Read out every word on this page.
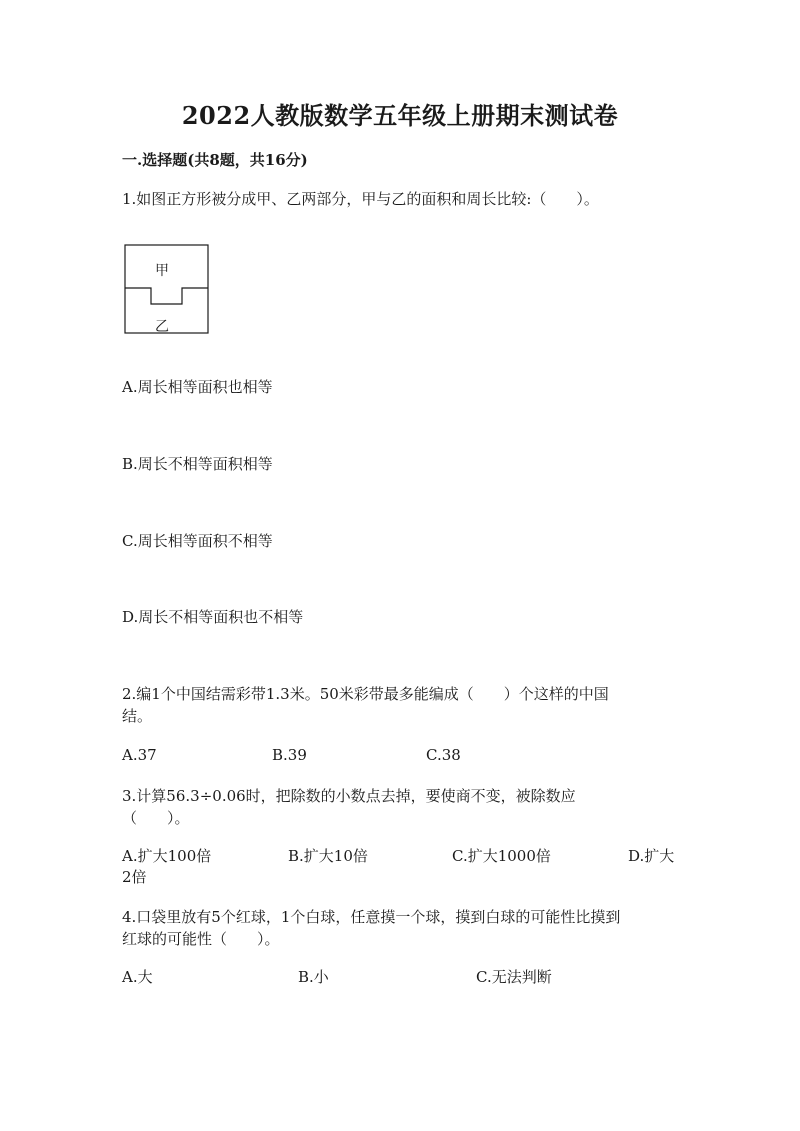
2022人教版数学五年级上册期末测试卷
一.选择题(共8题，共16分)
1.如图正方形被分成甲、乙两部分，甲与乙的面积和周长比较:（　　）。
甲
乙
A.周长相等面积也相等
B.周长不相等面积相等
C.周长相等面积不相等
D.周长不相等面积也不相等
2.编1个中国结需彩带1.3米。50米彩带最多能编成（　　）个这样的中国
结。
A.37	B.39	C.38
3.计算56.3÷0.06时，把除数的小数点去掉，要使商不变，被除数应
（　　）。
A.扩大100倍	B.扩大10倍	C.扩大1000倍	D.扩大
2倍
4.口袋里放有5个红球，1个白球，任意摸一个球，摸到白球的可能性比摸到
红球的可能性（　　）。
A.大	B.小	C.无法判断
